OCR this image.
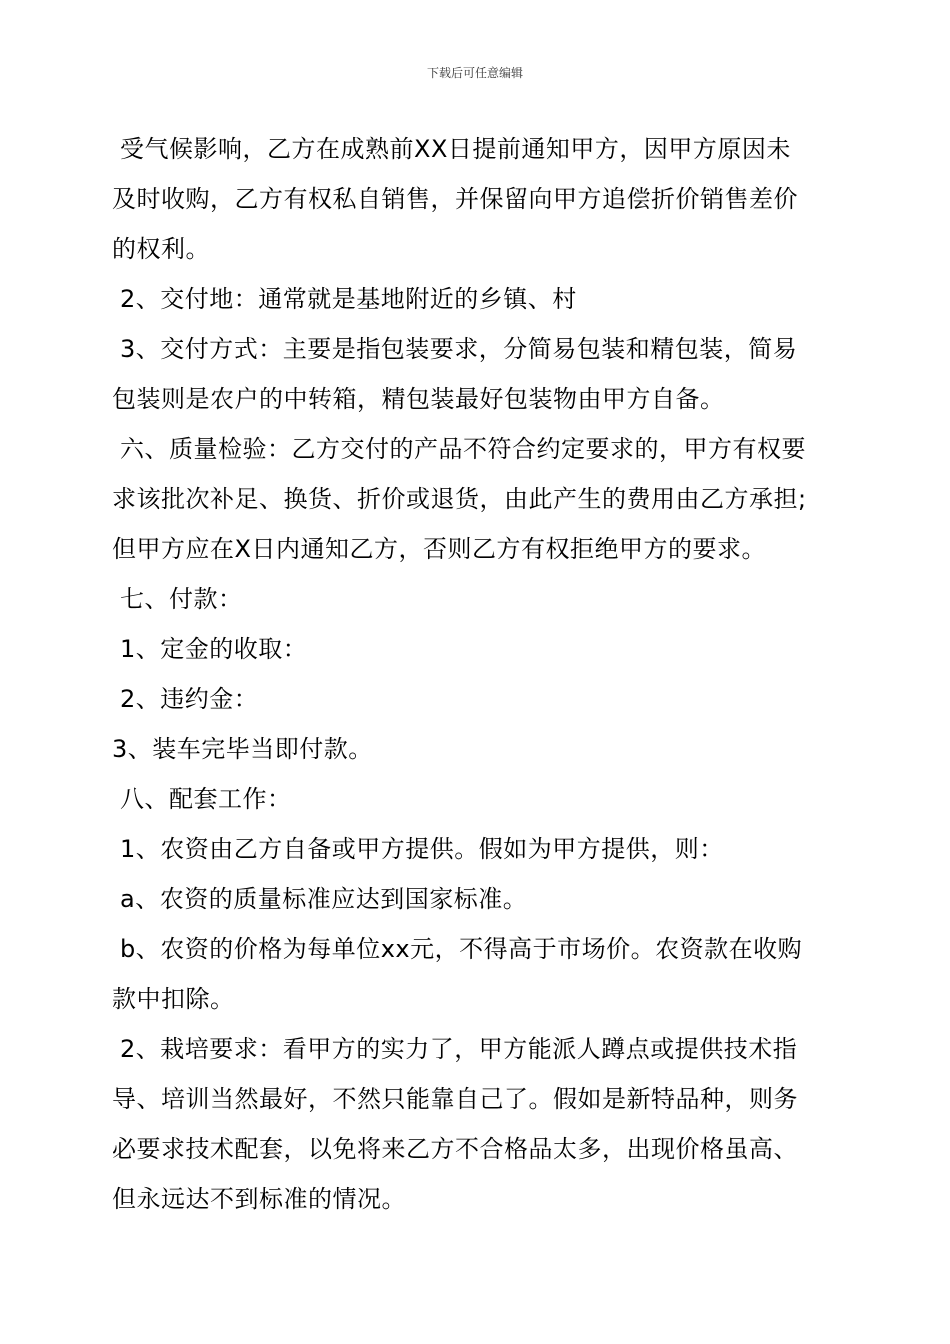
下载后可任意编辑
受气候影响，乙方在成熟前XX日提前通知甲方，因甲方原因未
及时收购，乙方有权私自销售，并保留向甲方追偿折价销售差价
的权利。
2、交付地：通常就是基地附近的乡镇、村
3、交付方式：主要是指包装要求，分简易包装和精包装，简易
包装则是农户的中转箱，精包装最好包装物由甲方自备。
六、质量检验：乙方交付的产品不符合约定要求的，甲方有权要
求该批次补足、换货、折价或退货，由此产生的费用由乙方承担;
但甲方应在X日内通知乙方，否则乙方有权拒绝甲方的要求。
七、付款：
1、定金的收取：
2、违约金：
3、装车完毕当即付款。
八、配套工作：
1、农资由乙方自备或甲方提供。假如为甲方提供，则：
a、农资的质量标准应达到国家标准。
b、农资的价格为每单位xx元，不得高于市场价。农资款在收购
款中扣除。
2、栽培要求：看甲方的实力了，甲方能派人蹲点或提供技术指
导、培训当然最好，不然只能靠自己了。假如是新特品种，则务
必要求技术配套，以免将来乙方不合格品太多，出现价格虽高、
但永远达不到标准的情况。
